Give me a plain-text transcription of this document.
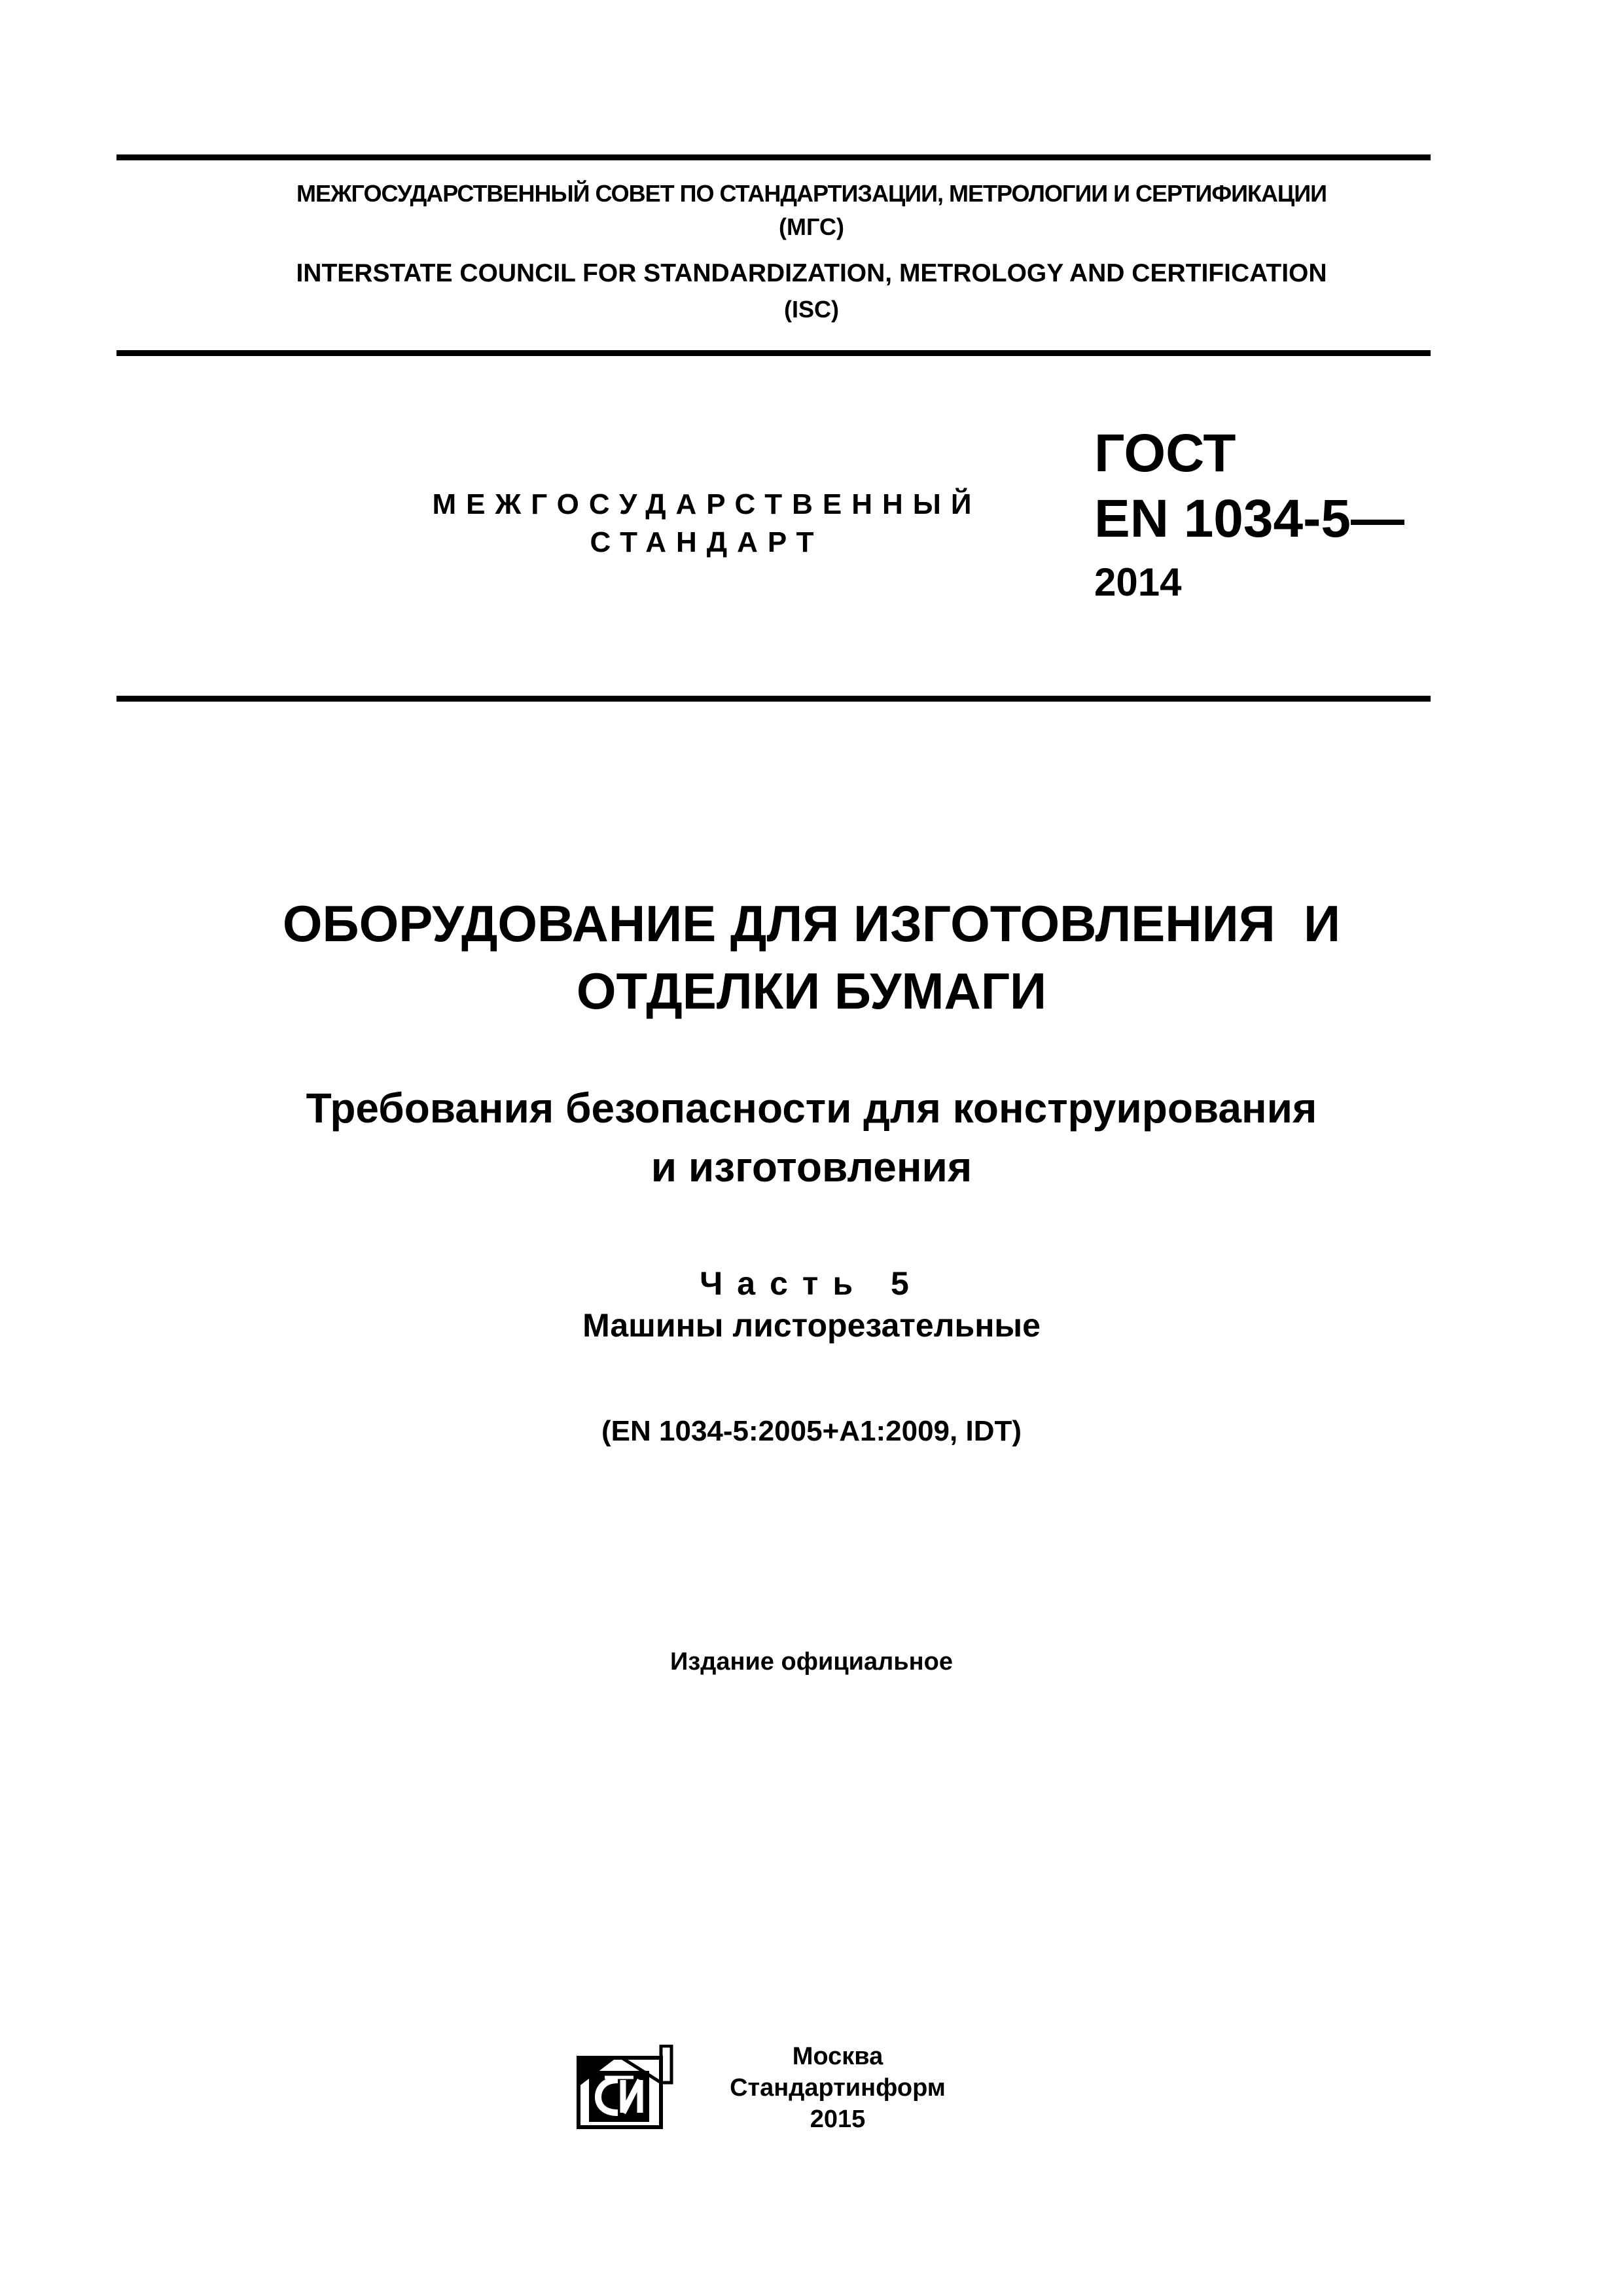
МЕЖГОСУДАРСТВЕННЫЙ СОВЕТ ПО СТАНДАРТИЗАЦИИ, МЕТРОЛОГИИ И СЕРТИФИКАЦИИ
(МГС)
INTERSTATE COUNCIL FOR STANDARDIZATION, METROLOGY AND CERTIFICATION
(ISC)
МЕЖГОСУДАРСТВЕННЫЙ
СТАНДАРТ
ГОСТ
EN 1034-5—
2014
ОБОРУДОВАНИЕ ДЛЯ ИЗГОТОВЛЕНИЯ  И
ОТДЕЛКИ БУМАГИ
Требования безопасности для конструирования
и изготовления
Часть 5
Машины листорезательные
(EN 1034-5:2005+A1:2009, IDT)
Издание официальное
Москва
Стандартинформ
2015
